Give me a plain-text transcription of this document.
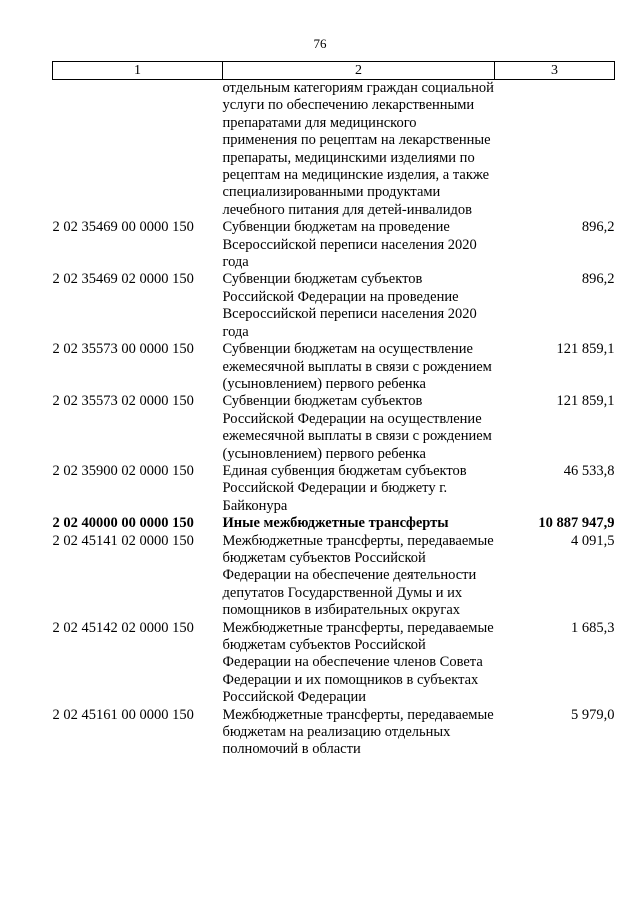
76
1	2	3
	отдельным категориям граждан социальной услуги по обеспечению лекарственными препаратами для медицинского применения по рецептам на лекарственные препараты, медицинскими изделиями по рецептам на медицинские изделия, а также специализированными продуктами лечебного питания для детей-инвалидов	
2 02 35469 00 0000 150	Субвенции бюджетам на проведение Всероссийской переписи населения 2020 года	896,2
2 02 35469 02 0000 150	Субвенции бюджетам субъектов Российской Федерации на проведение Всероссийской переписи населения 2020 года	896,2
2 02 35573 00 0000 150	Субвенции бюджетам на осуществление ежемесячной выплаты в связи с рождением (усыновлением) первого ребенка	121 859,1
2 02 35573 02 0000 150	Субвенции бюджетам субъектов Российской Федерации на осуществление ежемесячной выплаты в связи с рождением (усыновлением) первого ребенка	121 859,1
2 02 35900 02 0000 150	Единая субвенция бюджетам субъектов Российской Федерации и бюджету г. Байконура	46 533,8
2 02 40000 00 0000 150	Иные межбюджетные трансферты	10 887 947,9
2 02 45141 02 0000 150	Межбюджетные трансферты, передаваемые бюджетам субъектов Российской Федерации на обеспечение деятельности депутатов Государственной Думы и их помощников в избирательных округах	4 091,5
2 02 45142 02 0000 150	Межбюджетные трансферты, передаваемые бюджетам субъектов Российской Федерации на обеспечение членов Совета Федерации и их помощников в субъектах Российской Федерации	1 685,3
2 02 45161 00 0000 150	Межбюджетные трансферты, передаваемые бюджетам на реализацию отдельных полномочий в области	5 979,0
